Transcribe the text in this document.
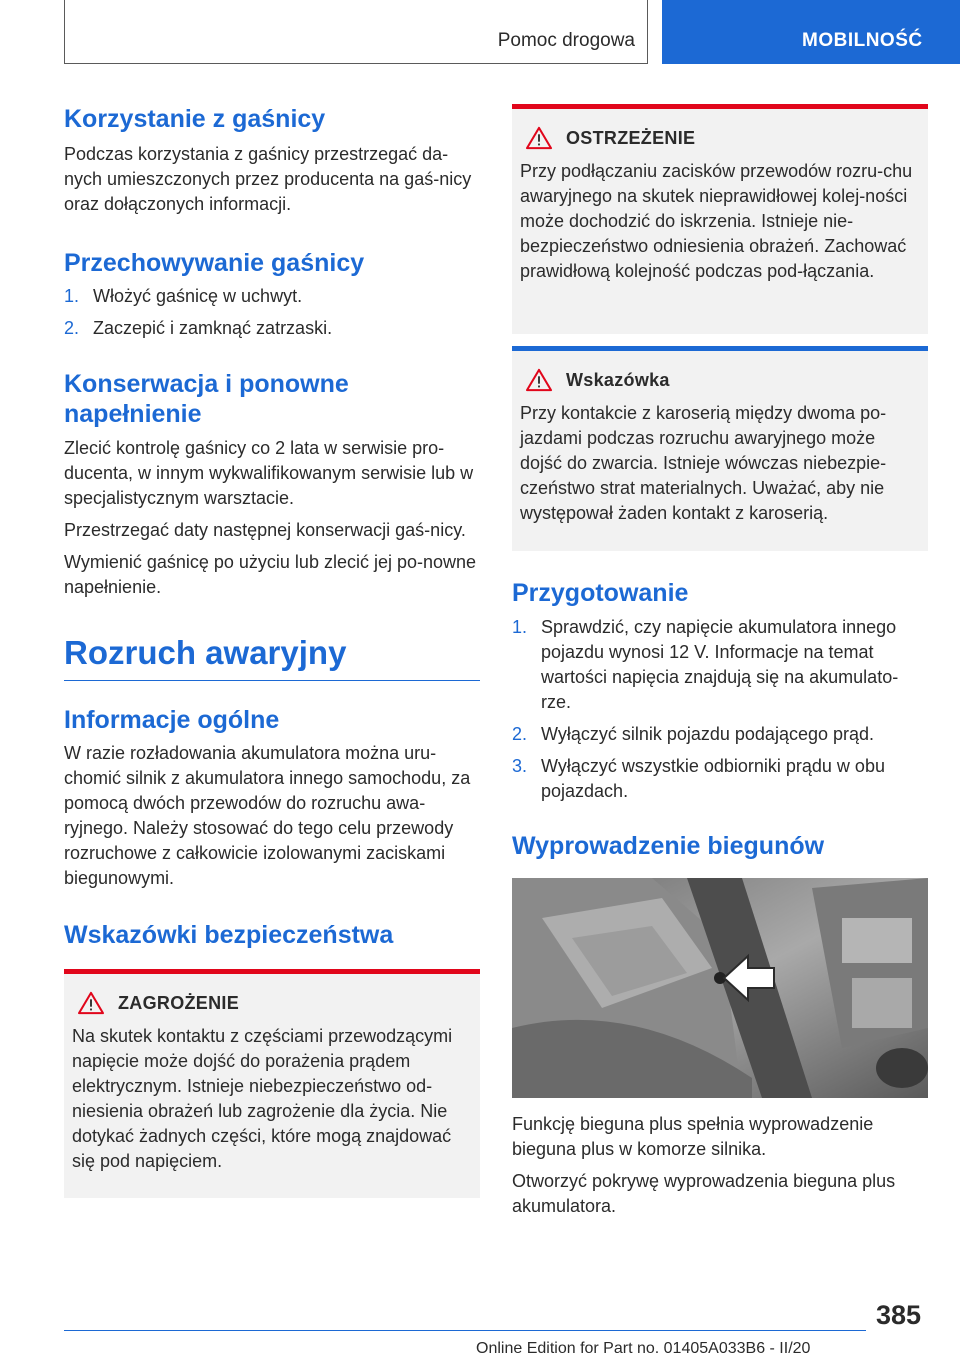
Pomoc drogowa	MOBILNOŚĆ
Korzystanie z gaśnicy

Podczas korzystania z gaśnicy przestrzegać da-nych umieszczonych przez producenta na gaś-nicy oraz dołączonych informacji.

Przechowywanie gaśnicy
1. Włożyć gaśnicę w uchwyt.
2. Zaczepić i zamknąć zatrzaski.
Konserwacja i ponowne napełnienie

Zlecić kontrolę gaśnicy co 2 lata w serwisie pro-ducenta, w innym wykwalifikowanym serwisie lub w specjalistycznym warsztacie.

Przestrzegać daty następnej konserwacji gaś-nicy.

Wymienić gaśnicę po użyciu lub zlecić jej po-nowne napełnienie.

Rozruch awaryjny
Informacje ogólne

W razie rozładowania akumulatora można uru-chomić silnik z akumulatora innego samochodu, za pomocą dwóch przewodów do rozruchu awa-ryjnego. Należy stosować do tego celu przewody rozruchowe z całkowicie izolowanymi zaciskami biegunowymi.

Wskazówki bezpieczeństwa
ZAGROŻENIE

Na skutek kontaktu z częściami przewodzącymi napięcie może dojść do porażenia prądem elektrycznym. Istnieje niebezpieczeństwo od-niesienia obrażeń lub zagrożenie dla życia. Nie dotykać żadnych części, które mogą znajdować się pod napięciem.

OSTRZEŻENIE

Przy podłączaniu zacisków przewodów rozru-chu awaryjnego na skutek nieprawidłowej kolej-ności może dochodzić do iskrzenia. Istnieje nie-bezpieczeństwo odniesienia obrażeń. Zachować prawidłową kolejność podczas pod-łączania.

Wskazówka

Przy kontakcie z karoserią między dwoma po-jazdami podczas rozruchu awaryjnego może dojść do zwarcia. Istnieje wówczas niebezpie-czeństwo strat materialnych. Uważać, aby nie występował żaden kontakt z karoserią.

Przygotowanie
1. Sprawdzić, czy napięcie akumulatora innego pojazdu wynosi 12 V. Informacje na temat wartości napięcia znajdują się na akumulato-rze.
2. Wyłączyć silnik pojazdu podającego prąd.
3. Wyłączyć wszystkie odbiorniki prądu w obu pojazdach.
Wyprowadzenie biegunów

Funkcję bieguna plus spełnia wyprowadzenie bieguna plus w komorze silnika.

Otworzyć pokrywę wyprowadzenia bieguna plus akumulatora.

385
Online Edition for Part no. 01405A033B6 - II/20
